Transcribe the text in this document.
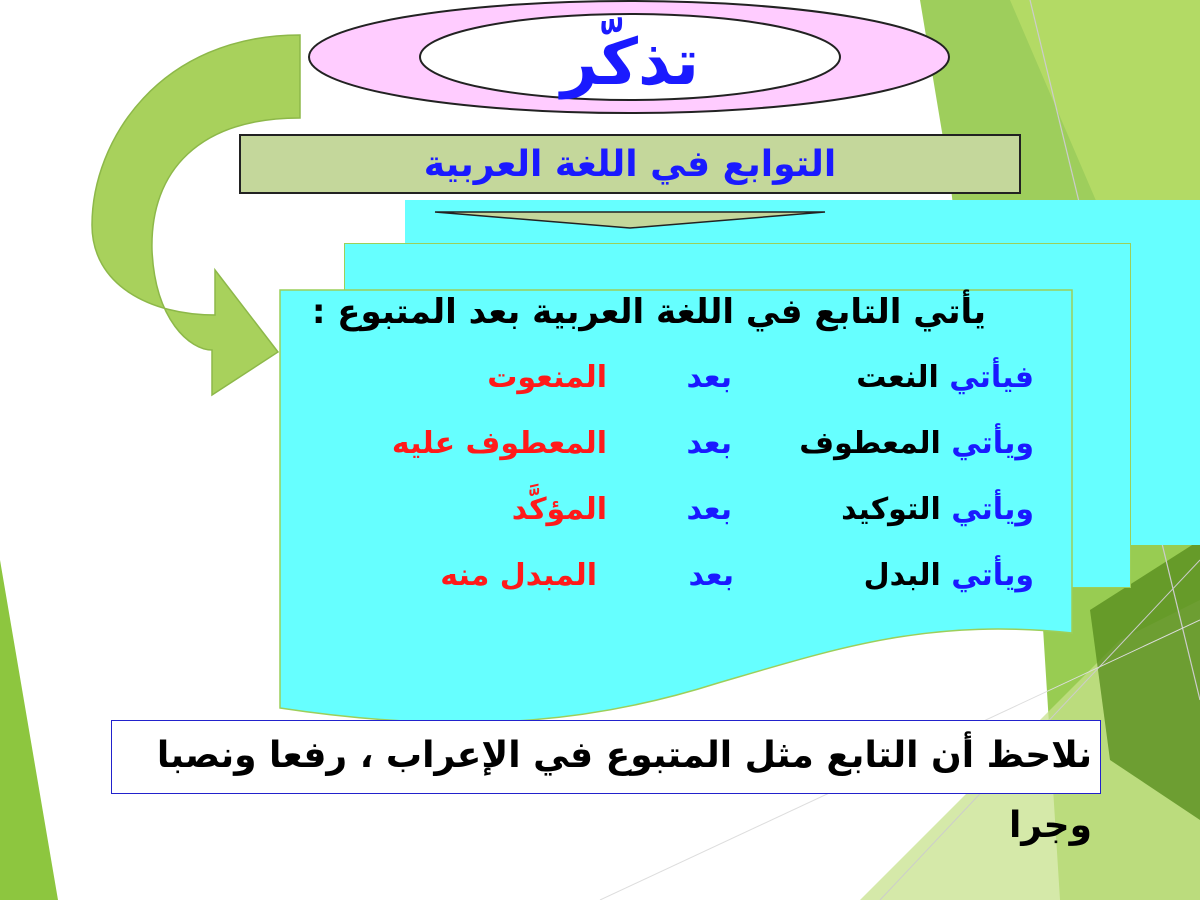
تذكّر
التوابع في اللغة العربية
يأتي التابع في اللغة العربية بعد المتبوع :
فيأتي النعت
بعد
المنعوت
ويأتي المعطوف
بعد
المعطوف عليه
ويأتي التوكيد
بعد
المؤكَّد
ويأتي البدل
بعد
المبدل منه
نلاحظ أن التابع مثل المتبوع في الإعراب ، رفعا ونصبا وجرا
